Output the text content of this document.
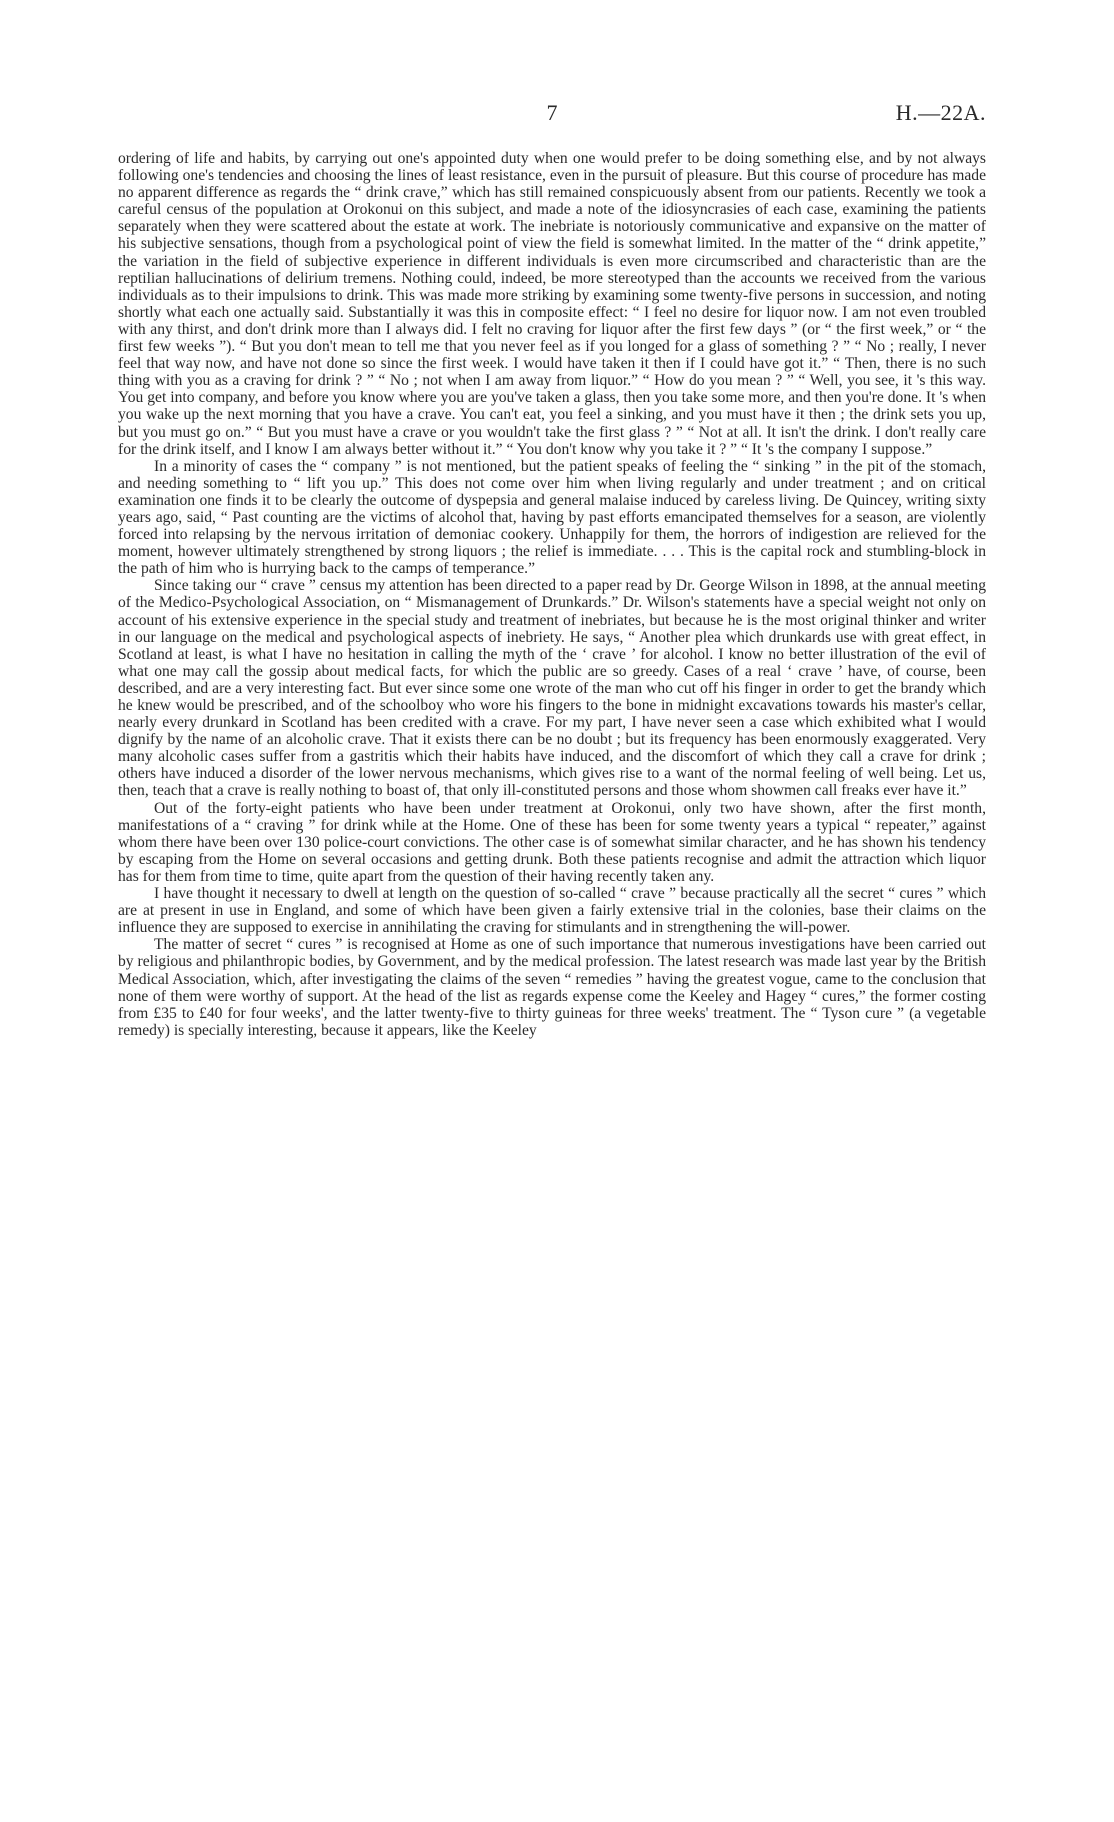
7	H.—22A.

ordering of life and habits, by carrying out one's appointed duty when one would prefer to be doing something else, and by not always following one's tendencies and choosing the lines of least resistance, even in the pursuit of pleasure. But this course of procedure has made no apparent difference as regards the “ drink crave,” which has still remained conspicuously absent from our patients. Recently we took a careful census of the population at Orokonui on this subject, and made a note of the idiosyncrasies of each case, examining the patients separately when they were scattered about the estate at work. The inebriate is notoriously communicative and expansive on the matter of his subjective sensations, though from a psychological point of view the field is somewhat limited. In the matter of the “ drink appetite,” the variation in the field of subjective experience in different individuals is even more circumscribed and characteristic than are the reptilian hallucinations of delirium tremens. Nothing could, indeed, be more stereotyped than the accounts we received from the various individuals as to their impulsions to drink. This was made more striking by examining some twenty-five persons in succession, and noting shortly what each one actually said. Substantially it was this in composite effect: “ I feel no desire for liquor now. I am not even troubled with any thirst, and don't drink more than I always did. I felt no craving for liquor after the first few days ” (or “ the first week,” or “ the first few weeks ”). “ But you don't mean to tell me that you never feel as if you longed for a glass of something ? ” “ No ; really, I never feel that way now, and have not done so since the first week. I would have taken it then if I could have got it.” “ Then, there is no such thing with you as a craving for drink ? ” “ No ; not when I am away from liquor.” “ How do you mean ? ” “ Well, you see, it 's this way. You get into company, and before you know where you are you've taken a glass, then you take some more, and then you're done. It 's when you wake up the next morning that you have a crave. You can't eat, you feel a sinking, and you must have it then ; the drink sets you up, but you must go on.” “ But you must have a crave or you wouldn't take the first glass ? ” “ Not at all. It isn't the drink. I don't really care for the drink itself, and I know I am always better without it.” “ You don't know why you take it ? ” “ It 's the company I suppose.”

In a minority of cases the “ company ” is not mentioned, but the patient speaks of feeling the “ sinking ” in the pit of the stomach, and needing something to “ lift you up.” This does not come over him when living regularly and under treatment ; and on critical examination one finds it to be clearly the outcome of dyspepsia and general malaise induced by careless living. De Quincey, writing sixty years ago, said, “ Past counting are the victims of alcohol that, having by past efforts emancipated themselves for a season, are violently forced into relapsing by the nervous irritation of demoniac cookery. Unhappily for them, the horrors of indigestion are relieved for the moment, however ultimately strengthened by strong liquors ; the relief is immediate. . . . This is the capital rock and stumbling-block in the path of him who is hurrying back to the camps of temperance.”

Since taking our “ crave ” census my attention has been directed to a paper read by Dr. George Wilson in 1898, at the annual meeting of the Medico-Psychological Association, on “ Mismanagement of Drunkards.” Dr. Wilson's statements have a special weight not only on account of his extensive experience in the special study and treatment of inebriates, but because he is the most original thinker and writer in our language on the medical and psychological aspects of inebriety. He says, “ Another plea which drunkards use with great effect, in Scotland at least, is what I have no hesitation in calling the myth of the ‘ crave ’ for alcohol. I know no better illustration of the evil of what one may call the gossip about medical facts, for which the public are so greedy. Cases of a real ‘ crave ’ have, of course, been described, and are a very interesting fact. But ever since some one wrote of the man who cut off his finger in order to get the brandy which he knew would be prescribed, and of the schoolboy who wore his fingers to the bone in midnight excavations towards his master's cellar, nearly every drunkard in Scotland has been credited with a crave. For my part, I have never seen a case which exhibited what I would dignify by the name of an alcoholic crave. That it exists there can be no doubt ; but its frequency has been enormously exaggerated. Very many alcoholic cases suffer from a gastritis which their habits have induced, and the discomfort of which they call a crave for drink ; others have induced a disorder of the lower nervous mechanisms, which gives rise to a want of the normal feeling of well being. Let us, then, teach that a crave is really nothing to boast of, that only ill-constituted persons and those whom showmen call freaks ever have it.”

Out of the forty-eight patients who have been under treatment at Orokonui, only two have shown, after the first month, manifestations of a “ craving ” for drink while at the Home. One of these has been for some twenty years a typical “ repeater,” against whom there have been over 130 police-court convictions. The other case is of somewhat similar character, and he has shown his tendency by escaping from the Home on several occasions and getting drunk. Both these patients recognise and admit the attraction which liquor has for them from time to time, quite apart from the question of their having recently taken any.

I have thought it necessary to dwell at length on the question of so-called “ crave ” because practically all the secret “ cures ” which are at present in use in England, and some of which have been given a fairly extensive trial in the colonies, base their claims on the influence they are supposed to exercise in annihilating the craving for stimulants and in strengthening the will-power.

The matter of secret “ cures ” is recognised at Home as one of such importance that numerous investigations have been carried out by religious and philanthropic bodies, by Government, and by the medical profession. The latest research was made last year by the British Medical Association, which, after investigating the claims of the seven “ remedies ” having the greatest vogue, came to the conclusion that none of them were worthy of support. At the head of the list as regards expense come the Keeley and Hagey “ cures,” the former costing from £35 to £40 for four weeks', and the latter twenty-five to thirty guineas for three weeks' treatment. The “ Tyson cure ” (a vegetable remedy) is specially interesting, because it appears, like the Keeley
